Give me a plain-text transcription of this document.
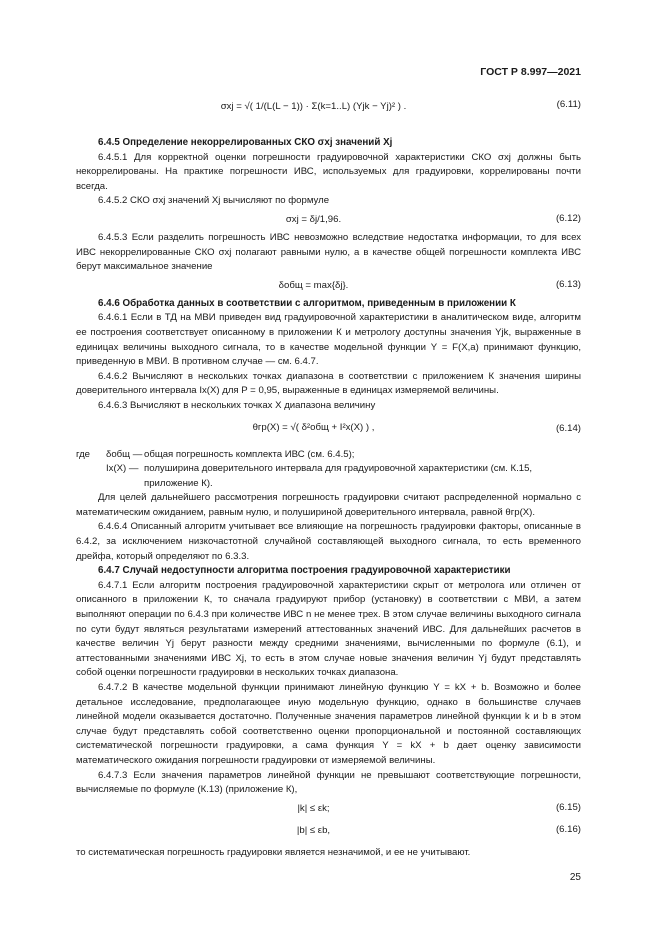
ГОСТ Р 8.997—2021
σxj = √( 1/(L(L − 1)) · Σ(k=1..L) (Yjk − Yj)² ) .	(6.11)
6.4.5 Определение некоррелированных СКО σxj значений Xj

6.4.5.1 Для корректной оценки погрешности градуировочной характеристики СКО σxj должны быть некоррелированы. На практике погрешности ИВС, используемых для градуировки, коррелированы почти всегда.

6.4.5.2 СКО σxj значений Xj вычисляют по формуле

σxj = δj/1,96.	(6.12)

6.4.5.3 Если разделить погрешность ИВС невозможно вследствие недостатка информации, то для всех ИВС некоррелированные СКО σxj полагают равными нулю, а в качестве общей погрешности комплекта ИВС берут максимальное значение

δобщ = max{δj}.	(6.13)
6.4.6 Обработка данных в соответствии с алгоритмом, приведенным в приложении К

6.4.6.1 Если в ТД на МВИ приведен вид градуировочной характеристики в аналитическом виде, алгоритм ее построения соответствует описанному в приложении К и метрологу доступны значения Yjk, выраженные в единицах величины выходного сигнала, то в качестве модельной функции Y = F(X,a) принимают функцию, приведенную в МВИ. В противном случае — см. 6.4.7.

6.4.6.2 Вычисляют в нескольких точках диапазона в соответствии с приложением К значения ширины доверительного интервала Ix(X) для P = 0,95, выраженные в единицах измеряемой величины.

6.4.6.3 Вычисляют в нескольких точках X диапазона величину

θгр(X) = √( δ²общ + I²x(X) ) ,	(6.14)
где	δобщ — общая погрешность комплекта ИВС (см. 6.4.5);
Ix(X) — полуширина доверительного интервала для градуировочной характеристики (см. К.15, приложение К).

Для целей дальнейшего рассмотрения погрешность градуировки считают распределенной нормально с математическим ожиданием, равным нулю, и полушириной доверительного интервала, равной θгр(X).

6.4.6.4 Описанный алгоритм учитывает все влияющие на погрешность градуировки факторы, описанные в 6.4.2, за исключением низкочастотной случайной составляющей выходного сигнала, то есть временного дрейфа, который определяют по 6.3.3.

6.4.7 Случай недоступности алгоритма построения градуировочной характеристики

6.4.7.1 Если алгоритм построения градуировочной характеристики скрыт от метролога или отличен от описанного в приложении К, то сначала градуируют прибор (установку) в соответствии с МВИ, а затем выполняют операции по 6.4.3 при количестве ИВС n не менее трех. В этом случае величины выходного сигнала по сути будут являться результатами измерений аттестованных значений ИВС. Для дальнейших расчетов в качестве величин Yj берут разности между средними значениями, вычисленными по формуле (6.1), и аттестованными значениями ИВС Xj, то есть в этом случае новые значения величин Yj будут представлять собой оценки погрешности градуировки в нескольких точках диапазона.

6.4.7.2 В качестве модельной функции принимают линейную функцию Y = kX + b. Возможно и более детальное исследование, предполагающее иную модельную функцию, однако в большинстве случаев линейной модели оказывается достаточно. Полученные значения параметров линейной функции k и b в этом случае будут представлять собой соответственно оценки пропорциональной и постоянной составляющих систематической погрешности градуировки, а сама функция Y = kX + b дает оценку зависимости математического ожидания погрешности градуировки от измеряемой величины.

6.4.7.3 Если значения параметров линейной функции не превышают соответствующие погрешности, вычисляемые по формуле (К.13) (приложение К),

|k| ≤ εk;	(6.15)
|b| ≤ εb,	(6.16)

то систематическая погрешность градуировки является незначимой, и ее не учитывают.

25
